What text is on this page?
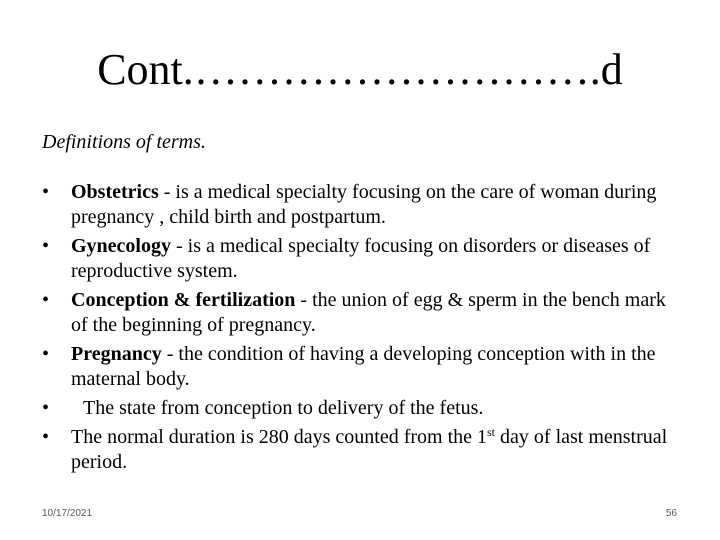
Cont.……………………….d
Definitions of terms.
•	Obstetrics - is a medical specialty focusing on the care of woman during pregnancy , child birth and postpartum.
•	Gynecology - is a medical specialty focusing on disorders or diseases of reproductive system.
•	Conception & fertilization - the union of egg & sperm in the bench mark of the beginning of pregnancy.
•	Pregnancy - the condition of having a developing conception with in the maternal body.
•	The state from conception to delivery of the fetus.
•	The normal duration is 280 days counted from the 1st day of last menstrual period.
10/17/2021	56
